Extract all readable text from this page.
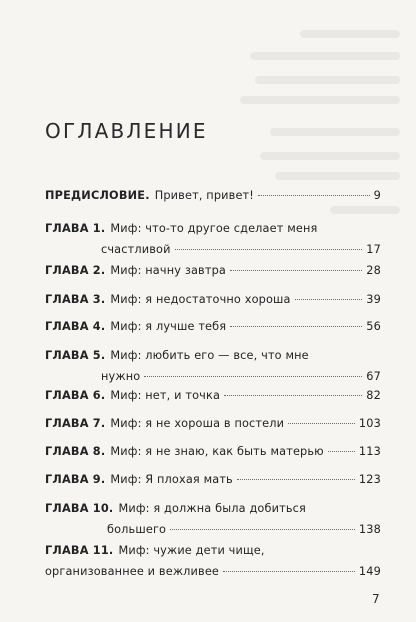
ОГЛАВЛЕНИЕ
ПРЕДИСЛОВИЕ. Привет, привет!	9
ГЛАВА 1. Миф: что-то другое сделает меня
счастливой	17
ГЛАВА 2. Миф: начну завтра	28
ГЛАВА 3. Миф: я недостаточно хороша	39
ГЛАВА 4. Миф: я лучше тебя	56
ГЛАВА 5. Миф: любить его — все, что мне
нужно	67
ГЛАВА 6. Миф: нет, и точка	82
ГЛАВА 7. Миф: я не хороша в постели	103
ГЛАВА 8. Миф: я не знаю, как быть матерью	113
ГЛАВА 9. Миф: Я плохая мать	123
ГЛАВА 10. Миф: я должна была добиться
большего	138
ГЛАВА 11. Миф: чужие дети чище,
организованнее и вежливее	149
7
